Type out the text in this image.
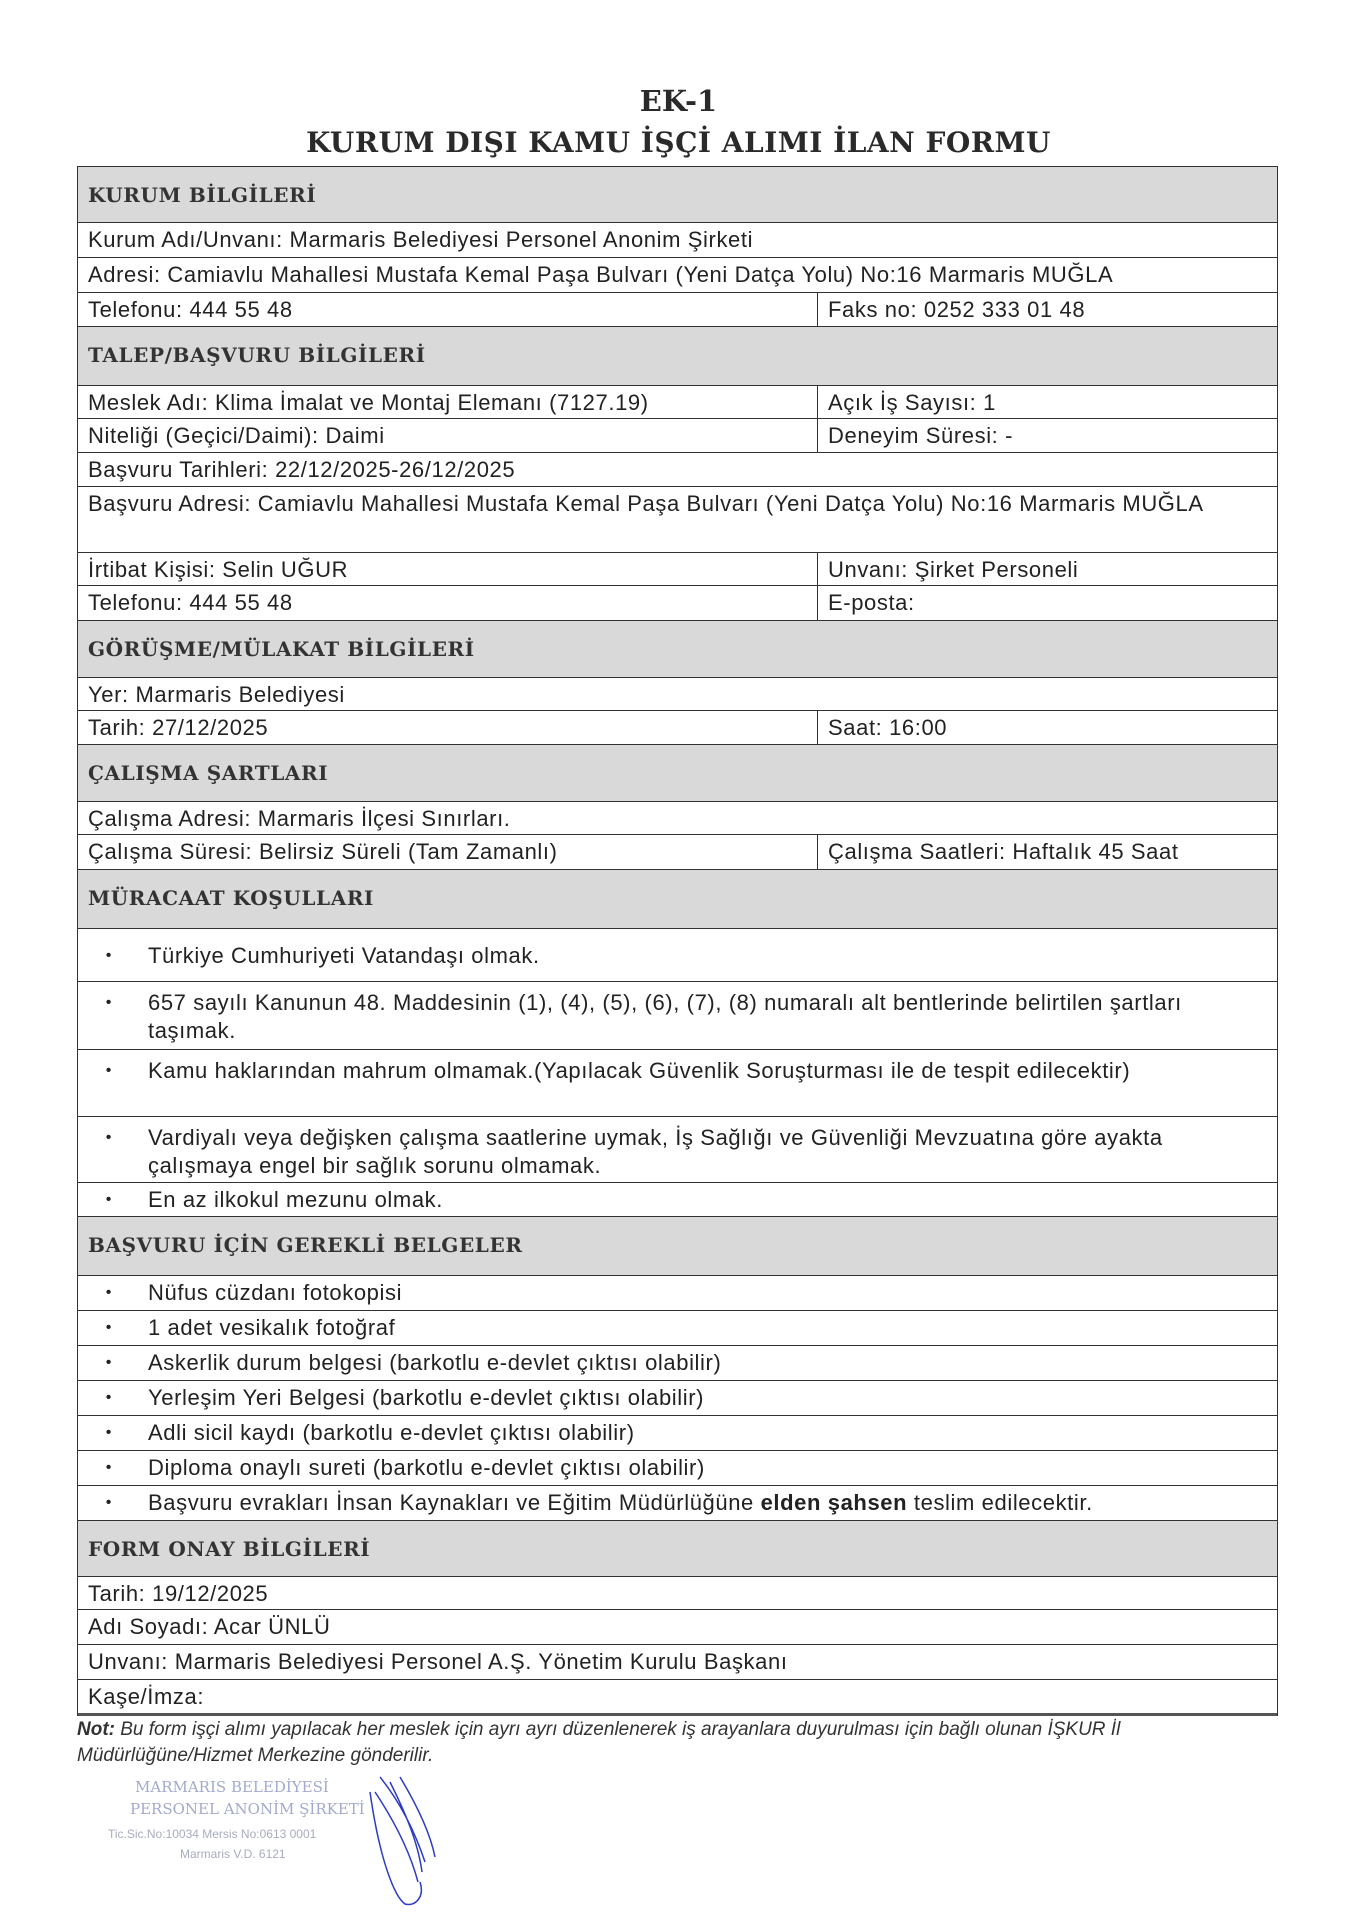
EK-1
KURUM DIŞI KAMU İŞÇİ ALIMI İLAN FORMU
KURUM BİLGİLERİ
Kurum Adı/Unvanı: Marmaris Belediyesi Personel Anonim Şirketi
Adresi: Camiavlu Mahallesi Mustafa Kemal Paşa Bulvarı (Yeni Datça Yolu) No:16 Marmaris MUĞLA
Telefonu: 444 55 48	Faks no: 0252 333 01 48
TALEP/BAŞVURU BİLGİLERİ
Meslek Adı: Klima İmalat ve Montaj Elemanı (7127.19)	Açık İş Sayısı: 1
Niteliği (Geçici/Daimi): Daimi	Deneyim Süresi: -
Başvuru Tarihleri: 22/12/2025-26/12/2025
Başvuru Adresi: Camiavlu Mahallesi Mustafa Kemal Paşa Bulvarı (Yeni Datça Yolu) No:16 Marmaris MUĞLA
İrtibat Kişisi: Selin UĞUR	Unvanı: Şirket Personeli
Telefonu: 444 55 48	E-posta:
GÖRÜŞME/MÜLAKAT BİLGİLERİ
Yer: Marmaris Belediyesi
Tarih: 27/12/2025	Saat: 16:00
ÇALIŞMA ŞARTLARI
Çalışma Adresi: Marmaris İlçesi Sınırları.
Çalışma Süresi: Belirsiz Süreli (Tam Zamanlı)	Çalışma Saatleri: Haftalık 45 Saat
MÜRACAAT KOŞULLARI
•	Türkiye Cumhuriyeti Vatandaşı olmak.
•	657 sayılı Kanunun 48. Maddesinin (1), (4), (5), (6), (7), (8) numaralı alt bentlerinde belirtilen şartları taşımak.
•	Kamu haklarından mahrum olmamak.(Yapılacak Güvenlik Soruşturması ile de tespit edilecektir)
•	Vardiyalı veya değişken çalışma saatlerine uymak, İş Sağlığı ve Güvenliği Mevzuatına göre ayakta çalışmaya engel bir sağlık sorunu olmamak.
•	En az ilkokul mezunu olmak.
BAŞVURU İÇİN GEREKLİ BELGELER
•	Nüfus cüzdanı fotokopisi
•	1 adet vesikalık fotoğraf
•	Askerlik durum belgesi (barkotlu e-devlet çıktısı olabilir)
•	Yerleşim Yeri Belgesi (barkotlu e-devlet çıktısı olabilir)
•	Adli sicil kaydı (barkotlu e-devlet çıktısı olabilir)
•	Diploma onaylı sureti (barkotlu e-devlet çıktısı olabilir)
•	Başvuru evrakları İnsan Kaynakları ve Eğitim Müdürlüğüne elden şahsen teslim edilecektir.
FORM ONAY BİLGİLERİ
Tarih: 19/12/2025
Adı Soyadı: Acar ÜNLÜ
Unvanı: Marmaris Belediyesi Personel A.Ş. Yönetim Kurulu Başkanı
Kaşe/İmza:
Not: Bu form işçi alımı yapılacak her meslek için ayrı ayrı düzenlenerek iş arayanlara duyurulması için bağlı olunan İŞKUR İl Müdürlüğüne/Hizmet Merkezine gönderilir.
MARMARIS BELEDİYESİ
PERSONEL ANONİM ŞİRKETİ
Tic.Sic.No:10034 Mersis No:0613 0001
Marmaris V.D. 6121
